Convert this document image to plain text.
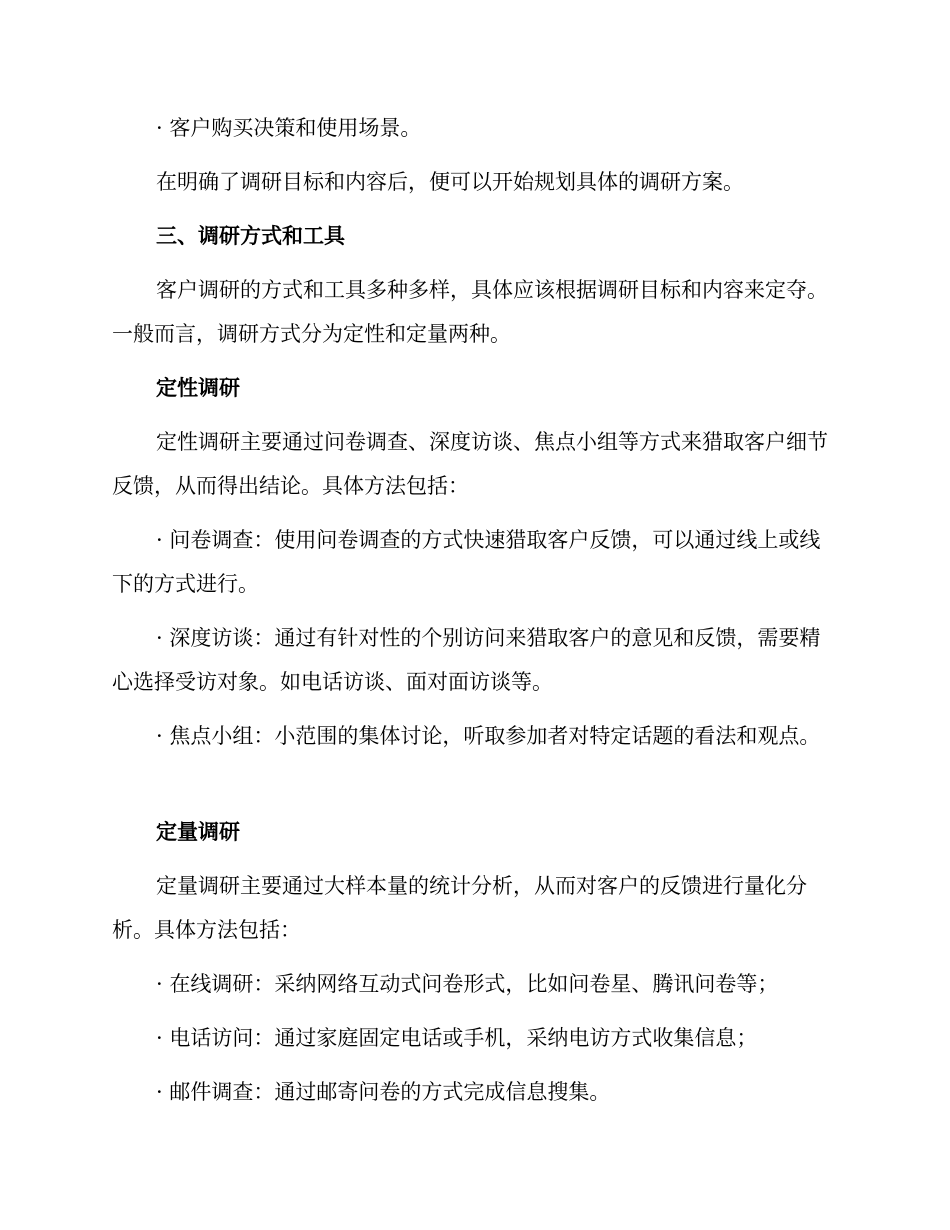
· 客户购买决策和使用场景。

在明确了调研目标和内容后，便可以开始规划具体的调研方案。

三、调研方式和工具

客户调研的方式和工具多种多样，具体应该根据调研目标和内容来定夺。一般而言，调研方式分为定性和定量两种。

定性调研

定性调研主要通过问卷调查、深度访谈、焦点小组等方式来猎取客户细节反馈，从而得出结论。具体方法包括：

· 问卷调查：使用问卷调查的方式快速猎取客户反馈，可以通过线上或线下的方式进行。

· 深度访谈：通过有针对性的个别访问来猎取客户的意见和反馈，需要精心选择受访对象。如电话访谈、面对面访谈等。

· 焦点小组：小范围的集体讨论，听取参加者对特定话题的看法和观点。

定量调研

定量调研主要通过大样本量的统计分析，从而对客户的反馈进行量化分析。具体方法包括：

· 在线调研：采纳网络互动式问卷形式，比如问卷星、腾讯问卷等；

· 电话访问：通过家庭固定电话或手机，采纳电访方式收集信息；

· 邮件调查：通过邮寄问卷的方式完成信息搜集。
